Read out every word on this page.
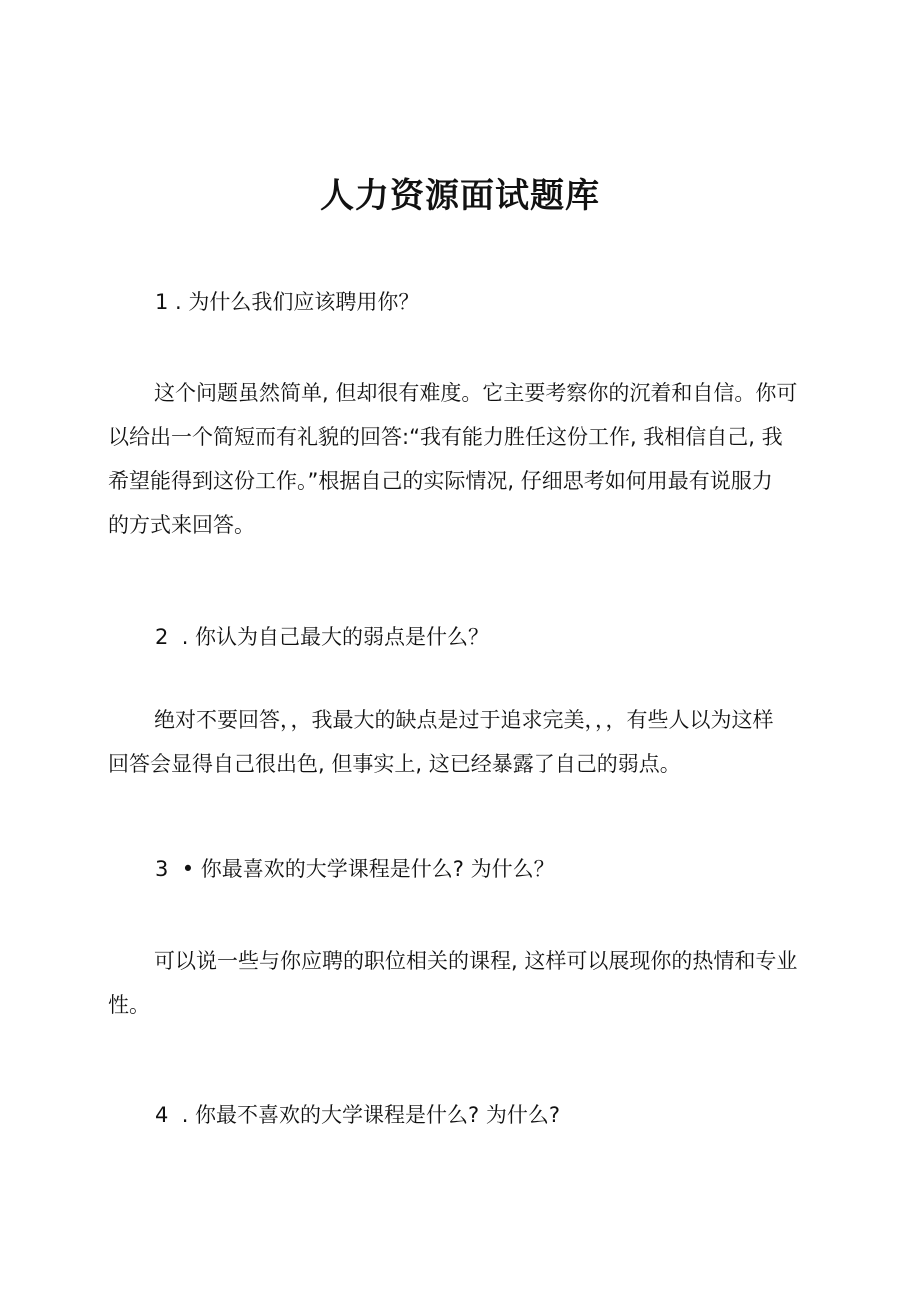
人力资源面试题库
1 . 为什么我们应该聘用你？

这个问题虽然简单, 但却很有难度。它主要考察你的沉着和自信。你可

以给出一个简短而有礼貌的回答:“我有能力胜任这份工作, 我相信自己, 我

希望能得到这份工作。”根据自己的实际情况, 仔细思考如何用最有说服力

的方式来回答。

2  . 你认为自己最大的弱点是什么？

绝对不要回答，，我最大的缺点是过于追求完美，，，有些人以为这样

回答会显得自己很出色, 但事实上, 这已经暴露了自己的弱点。

3  • 你最喜欢的大学课程是什么? 为什么？

可以说一些与你应聘的职位相关的课程, 这样可以展现你的热情和专业

性。

4  . 你最不喜欢的大学课程是什么? 为什么?
